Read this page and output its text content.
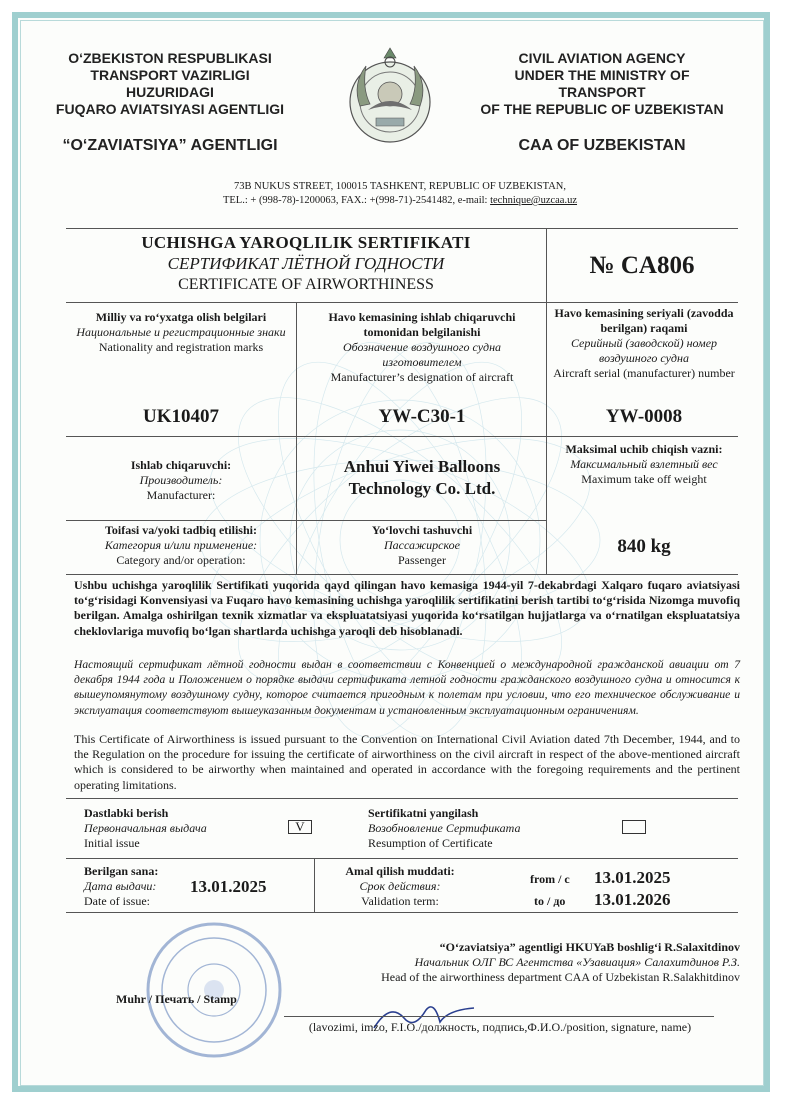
O‘ZBEKISTON RESPUBLIKASI
TRANSPORT VAZIRLIGI HUZURIDAGI
FUQARO AVIATSIYASI AGENTLIGI
“O‘ZAVIATSIYA” AGENTLIGI
CIVIL AVIATION AGENCY
UNDER THE MINISTRY OF TRANSPORT
OF THE REPUBLIC OF UZBEKISTAN
CAA OF UZBEKISTAN
73B NUKUS STREET, 100015 TASHKENT, REPUBLIC OF UZBEKISTAN,
TEL.: + (998-78)-1200063, FAX.: +(998-71)-2541482, e-mail: technique@uzcaa.uz
UCHISHGA YAROQLILIK SERTIFIKATI
СЕРТИФИКАТ ЛЁТНОЙ ГОДНОСТИ
CERTIFICATE OF AIRWORTHINESS
№ CA806
Milliy va ro‘yxatga olish belgilari
Национальные и регистрационные знаки
Nationality and registration marks
UK10407
Havo kemasining ishlab chiqaruvchi tomonidan belgilanishi
Обозначение воздушного судна изготовителем
Manufacturer’s designation of aircraft
YW-C30-1
Havo kemasining seriyali (zavodda berilgan) raqami
Серийный (заводской) номер воздушного судна
Aircraft serial (manufacturer) number
YW-0008
Ishlab chiqaruvchi:
Производитель:
Manufacturer:
Anhui Yiwei Balloons
Technology Co. Ltd.
Maksimal uchib chiqish vazni:
Максимальный взлетный вес
Maximum take off weight
840 kg
Toifasi va/yoki tadbiq etilishi:
Категория и/или применение:
Category and/or operation:
Yo‘lovchi tashuvchi
Пассажирское
Passenger
Ushbu uchishga yaroqlilik Sertifikati yuqorida qayd qilingan havo kemasiga 1944-yil 7-dekabrdagi Xalqaro fuqaro aviatsiyasi to‘g‘risidagi Konvensiyasi va Fuqaro havo kemasining uchishga yaroqlilik sertifikatini berish tartibi to‘g‘risida Nizomga muvofiq berilgan. Amalga oshirilgan texnik xizmatlar va ekspluatatsiyasi yuqorida ko‘rsatilgan hujjatlarga va o‘rnatilgan ekspluatatsiya cheklovlariga muvofiq bo‘lgan shartlarda uchishga yaroqli deb hisoblanadi.
Настоящий сертификат лётной годности выдан в соответствии с Конвенцией о международной гражданской авиации от 7 декабря 1944 года и Положением о порядке выдачи сертификата летной годности гражданского воздушного судна и относится к вышеупомянутому воздушному судну, которое считается пригодным к полетам при условии, что его техническое обслуживание и эксплуатация соответствуют вышеуказанным документам и установленным эксплуатационным ограничениям.
This Certificate of Airworthiness is issued pursuant to the Convention on International Civil Aviation dated 7th December, 1944, and to the Regulation on the procedure for issuing the certificate of airworthiness on the civil aircraft in respect of the above-mentioned aircraft which is considered to be airworthy when maintained and operated in accordance with the foregoing requirements and the pertinent operating limitations.
Dastlabki berish
Первоначальная выдача
Initial issue
V
Sertifikatni yangilash
Возобновление Сертификата
Resumption of Certificate
Berilgan sana:
Дата выдачи:
Date of issue:
13.01.2025
Amal qilish muddati:
Срок действия:
Validation term:
from / c 13.01.2025
to / до 13.01.2026
“O‘zaviatsiya” agentligi HKUYaB boshlig‘i R.Salaxitdinov
Начальник ОЛГ ВС Агентства «Узавиация» Салахитдинов Р.З.
Head of the airworthiness department CAA of Uzbekistan R.Salakhitdinov
Muhr / Печать / Stamp
(lavozimi, imzo, F.I.O./должность, подпись,Ф.И.О./position, signature, name)
